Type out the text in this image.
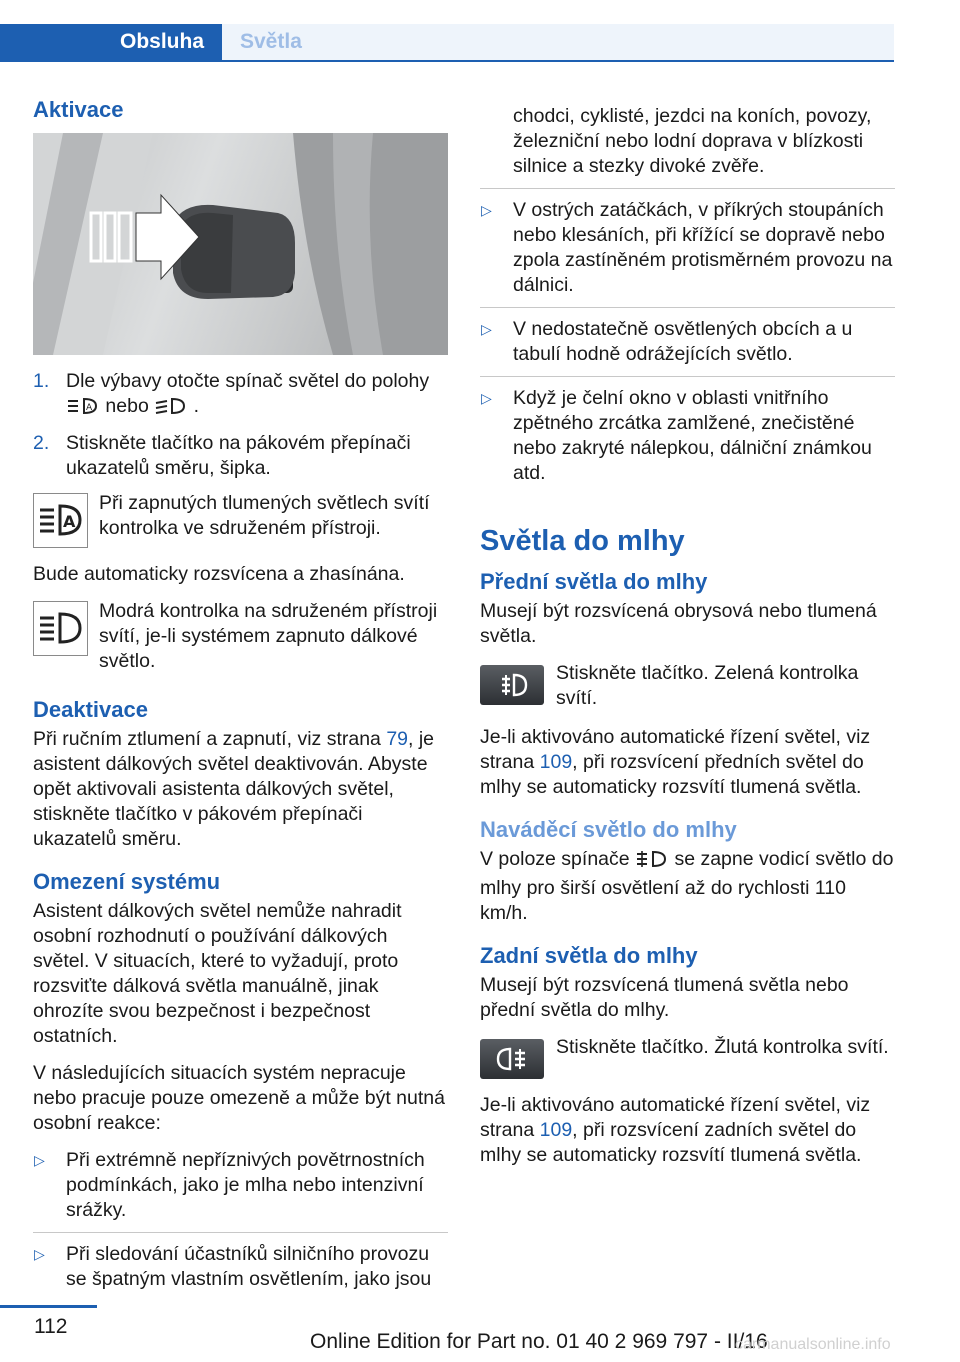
Obsluha	Světla
Aktivace
1. Dle výbavy otočte spínač světel do polohy
A nebo  .
2. Stiskněte tlačítko na pákovém přepínači ukazatelů směru, šipka.
A
Při zapnutých tlumených světlech svítí kontrolka ve sdruženém přístroji.

Bude automaticky rozsvícena a zhasínána.

Modrá kontrolka na sdruženém přístroji svítí, je-li systémem zapnuto dálkové světlo.
Deaktivace

Při ručním ztlumení a zapnutí, viz strana 79, je asistent dálkových světel deaktivován. Abyste opět aktivovali asistenta dálkových světel, stiskněte tlačítko v pákovém přepínači ukazatelů směru.

Omezení systému

Asistent dálkových světel nemůže nahradit osobní rozhodnutí o používání dálkových světel. V situacích, které to vyžadují, proto rozsviťte dálková světla manuálně, jinak ohrozíte svou bezpečnost i bezpečnost ostatních.

V následujících situacích systém nepracuje nebo pracuje pouze omezeně a může být nutná osobní reakce:

▷ Při extrémně nepříznivých povětrnostních podmínkách, jako je mlha nebo intenzivní srážky.
▷ Při sledování účastníků silničního provozu se špatným vlastním osvětlením, jako jsou
chodci, cyklisté, jezdci na koních, povozy, železniční nebo lodní doprava v blízkosti silnice a stezky divoké zvěře.
▷ V ostrých zatáčkách, v příkrých stoupáních nebo klesáních, při křížící se dopravě nebo zpola zastíněném protisměrném provozu na dálnici.
▷ V nedostatečně osvětlených obcích a u tabulí hodně odrážejících světlo.
▷ Když je čelní okno v oblasti vnitřního zpětného zrcátka zamlžené, znečistěné nebo zakryté nálepkou, dálniční známkou atd.
Světla do mlhy
Přední světla do mlhy

Musejí být rozsvícená obrysová nebo tlumená světla.

Stiskněte tlačítko. Zelená kontrolka svítí.

Je-li aktivováno automatické řízení světel, viz strana 109, při rozsvícení předních světel do mlhy se automaticky rozsvítí tlumená světla.

Naváděcí světlo do mlhy

V poloze spínače  se zapne vodicí světlo do mlhy pro širší osvětlení až do rychlosti 110 km/h.

Zadní světla do mlhy

Musejí být rozsvícená tlumená světla nebo přední světla do mlhy.

Stiskněte tlačítko. Žlutá kontrolka svítí.

Je-li aktivováno automatické řízení světel, viz strana 109, při rozsvícení zadních světel do mlhy se automaticky rozsvítí tlumená světla.

112
Online Edition for Part no. 01 40 2 969 797 - II/16
carmanualsonline.info
